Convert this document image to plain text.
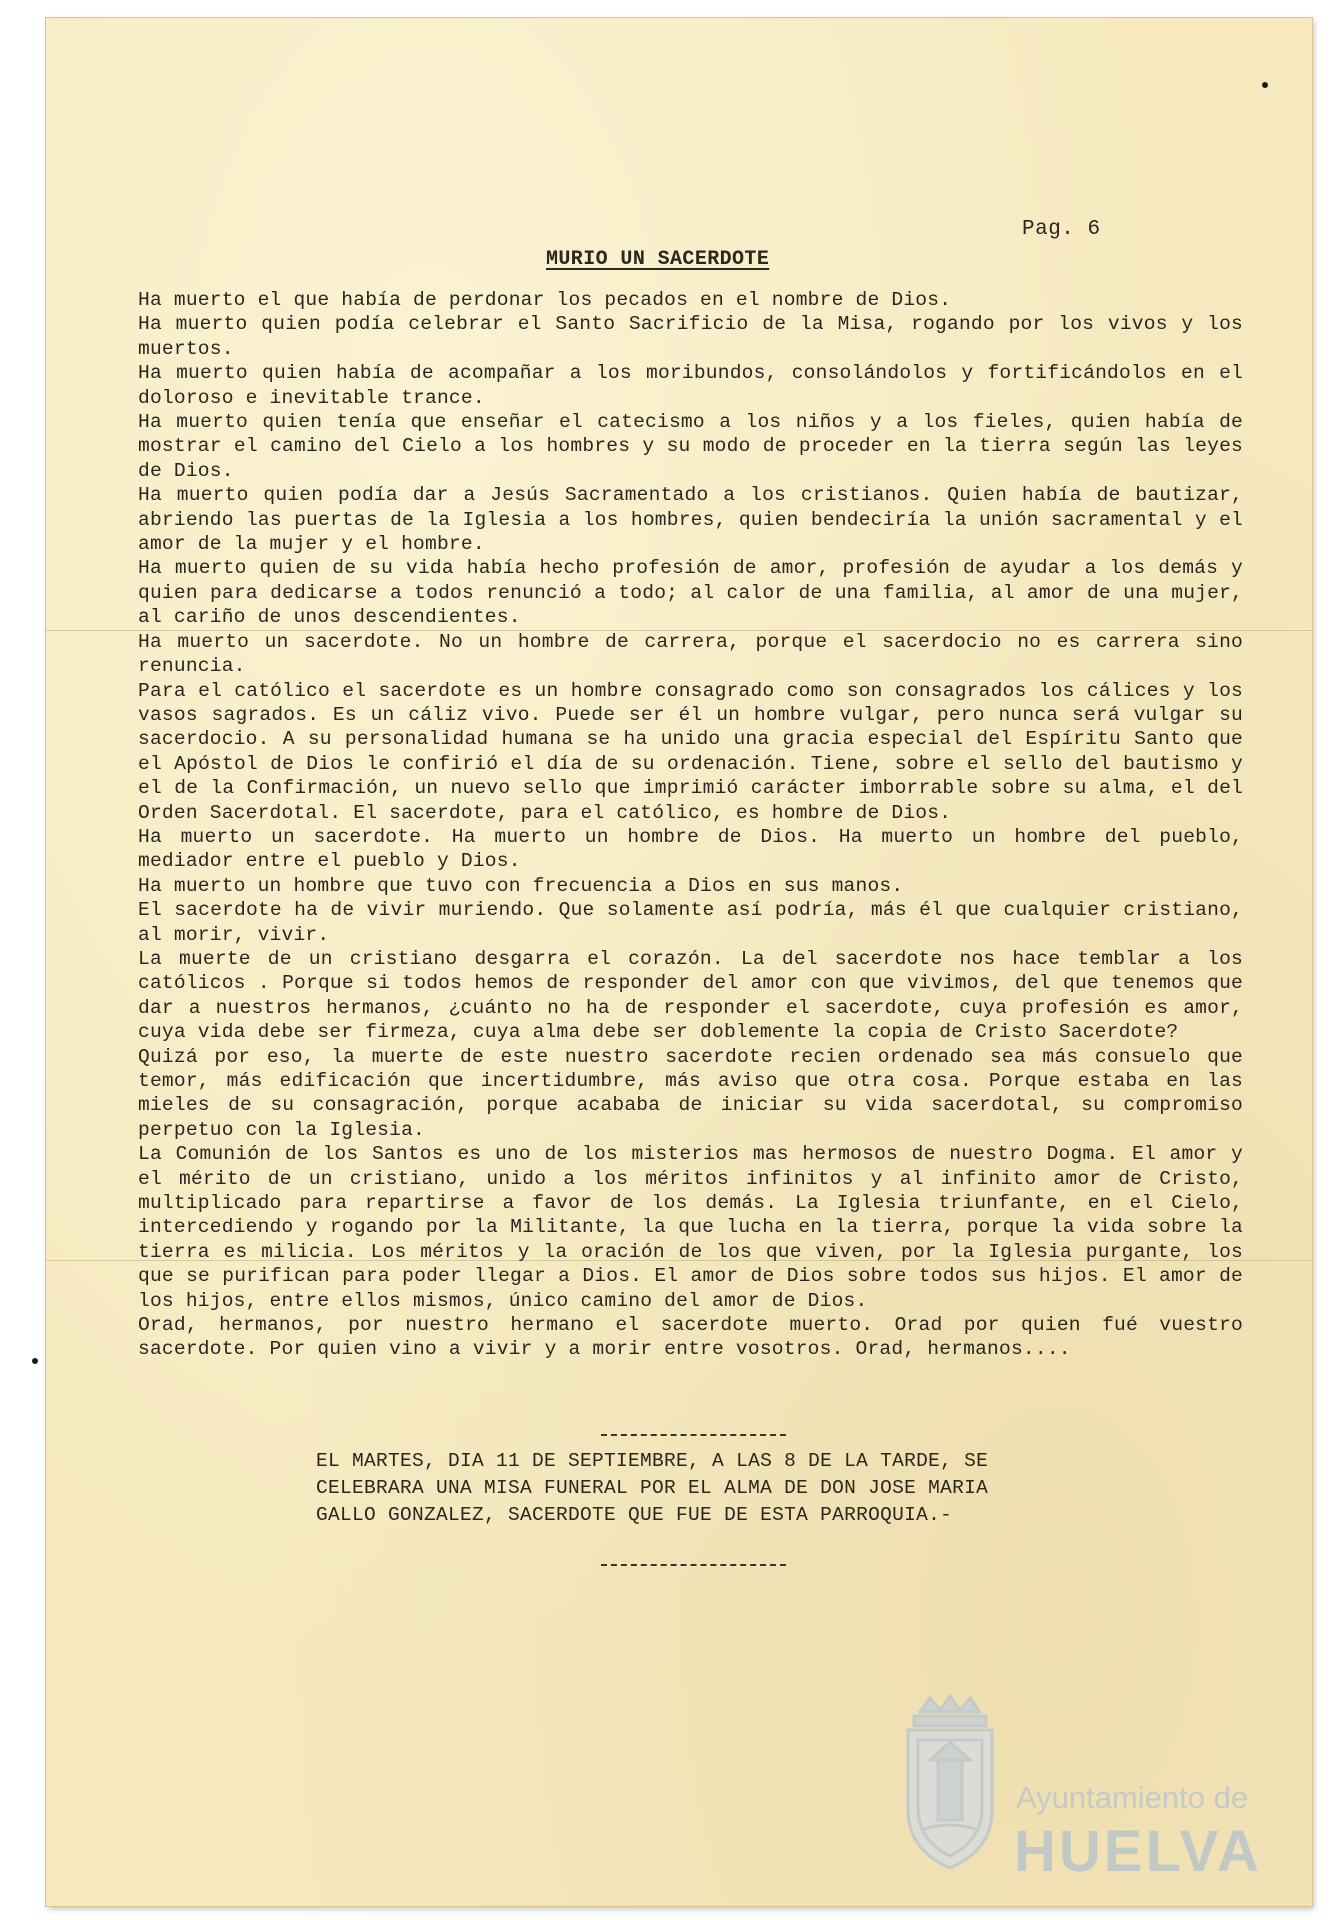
Pag. 6
MURIO UN SACERDOTE

Ha muerto el que había de perdonar los pecados en el nombre de Dios.

Ha muerto quien podía celebrar el Santo Sacrificio de la Misa, rogando por los vivos y los muertos.

Ha muerto quien había de acompañar a los moribundos, consolándolos y fortificándolos en el doloroso e inevitable trance.

Ha muerto quien tenía que enseñar el catecismo a los niños y a los fieles, quien había de mostrar el camino del Cielo a los hombres y su modo de proceder en la tierra según las leyes de Dios.

Ha muerto quien podía dar a Jesús Sacramentado a los cristianos. Quien había de bautizar, abriendo las puertas de la Iglesia a los hombres, quien bendeciría la unión sacramental y el amor de la mujer y el hombre.

Ha muerto quien de su vida había hecho profesión de amor, profesión de ayudar a los demás y quien para dedicarse a todos renunció a todo; al calor de una familia, al amor de una mujer, al cariño de unos descendientes.

Ha muerto un sacerdote. No un hombre de carrera, porque el sacerdocio no es carrera sino renuncia.

Para el católico el sacerdote es un hombre consagrado como son consagrados los cálices y los vasos sagrados. Es un cáliz vivo. Puede ser él un hombre vulgar, pero nunca será vulgar su sacerdocio. A su personalidad humana se ha unido una gracia especial del Espíritu Santo que el Apóstol de Dios le confirió el día de su ordenación. Tiene, sobre el sello del bautismo y el de la Confirmación, un nuevo sello que imprimió carácter imborrable sobre su alma, el del Orden Sacerdotal. El sacerdote, para el católico, es hombre de Dios.

Ha muerto un sacerdote. Ha muerto un hombre de Dios. Ha muerto un hombre del pueblo, mediador entre el pueblo y Dios.

Ha muerto un hombre que tuvo con frecuencia a Dios en sus manos.

El sacerdote ha de vivir muriendo. Que solamente así podría, más él que cualquier cristiano, al morir, vivir.

La muerte de un cristiano desgarra el corazón. La del sacerdote nos hace temblar a los católicos . Porque si todos hemos de responder del amor con que vivimos, del que tenemos que dar a nuestros hermanos, ¿cuánto no ha de responder el sacerdote, cuya profesión es amor, cuya vida debe ser firmeza, cuya alma debe ser doblemente la copia de Cristo Sacerdote?

Quizá por eso, la muerte de este nuestro sacerdote recien ordenado sea más consuelo que temor, más edificación que incertidumbre, más aviso que otra cosa. Porque estaba en las mieles de su consagración, porque acababa de iniciar su vida sacerdotal, su compromiso perpetuo con la Iglesia.

La Comunión de los Santos es uno de los misterios mas hermosos de nuestro Dogma. El amor y el mérito de un cristiano, unido a los méritos infinitos y al infinito amor de Cristo, multiplicado para repartirse a favor de los demás. La Iglesia triunfante, en el Cielo, intercediendo y rogando por la Militante, la que lucha en la tierra, porque la vida sobre la tierra es milicia. Los méritos y la oración de los que viven, por la Iglesia purgante, los que se purifican para poder llegar a Dios. El amor de Dios sobre todos sus hijos. El amor de los hijos, entre ellos mismos, único camino del amor de Dios.

Orad, hermanos, por nuestro hermano el sacerdote muerto. Orad por quien fué vuestro sacerdote. Por quien vino a vivir y a morir entre vosotros. Orad, hermanos....

EL MARTES, DIA 11 DE SEPTIEMBRE, A LAS 8 DE LA TARDE, SE

CELEBRARA UNA MISA FUNERAL POR EL ALMA DE DON JOSE MARIA

GALLO GONZALEZ, SACERDOTE QUE FUE DE ESTA PARROQUIA.-

Ayuntamiento de
HUELVA
